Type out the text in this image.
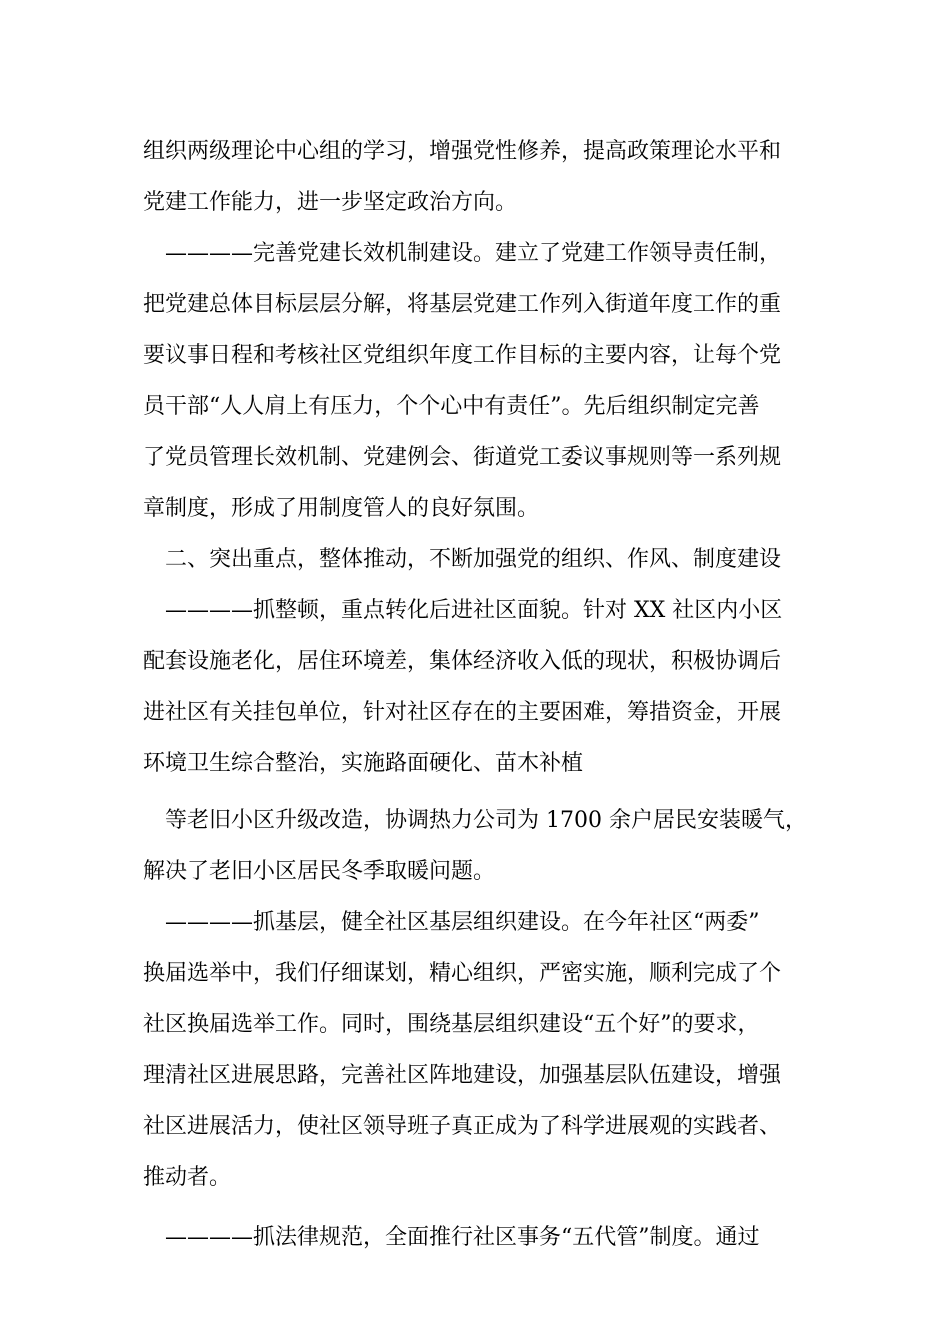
组织两级理论中心组的学习，增强党性修养，提高政策理论水平和
党建工作能力，进一步坚定政治方向。
————完善党建长效机制建设。建立了党建工作领导责任制，
把党建总体目标层层分解，将基层党建工作列入街道年度工作的重
要议事日程和考核社区党组织年度工作目标的主要内容，让每个党
员干部“人人肩上有压力，个个心中有责任”。先后组织制定完善
了党员管理长效机制、党建例会、街道党工委议事规则等一系列规
章制度，形成了用制度管人的良好氛围。
二、突出重点，整体推动，不断加强党的组织、作风、制度建设
————抓整顿，重点转化后进社区面貌。针对 XX 社区内小区
配套设施老化，居住环境差，集体经济收入低的现状，积极协调后
进社区有关挂包单位，针对社区存在的主要困难，筹措资金，开展
环境卫生综合整治，实施路面硬化、苗木补植
等老旧小区升级改造，协调热力公司为 1700 余户居民安装暖气，
解决了老旧小区居民冬季取暖问题。
————抓基层，健全社区基层组织建设。在今年社区“两委”
换届选举中，我们仔细谋划，精心组织，严密实施，顺利完成了个
社区换届选举工作。同时，围绕基层组织建设“五个好”的要求，
理清社区进展思路，完善社区阵地建设，加强基层队伍建设，增强
社区进展活力，使社区领导班子真正成为了科学进展观的实践者、
推动者。
————抓法律规范，全面推行社区事务“五代管”制度。通过
